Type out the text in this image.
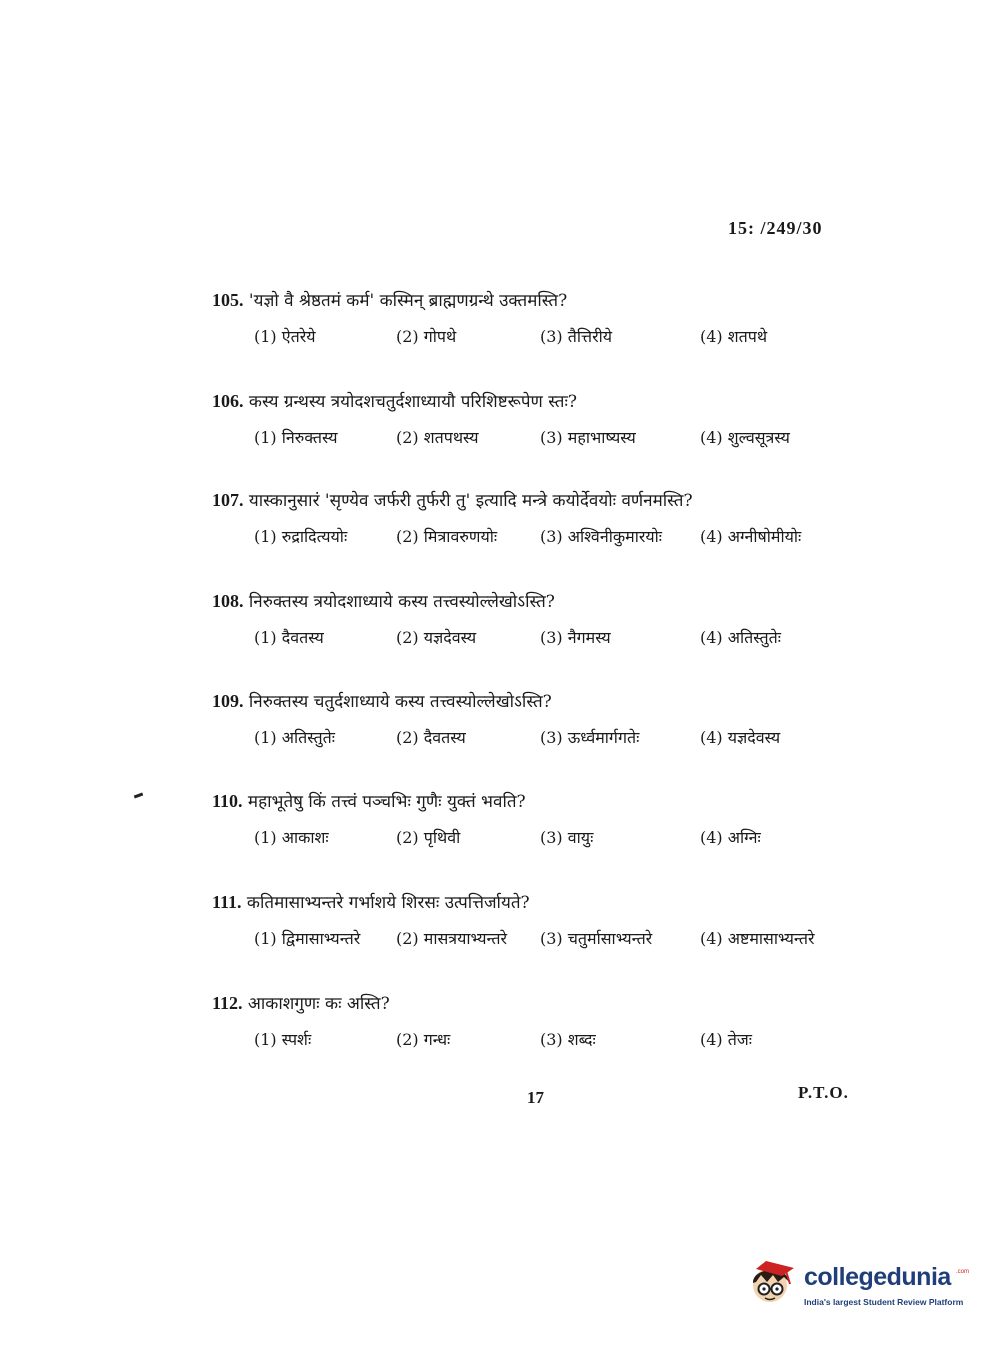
15: /249/30
105. 'यज्ञो वै श्रेष्ठतमं कर्म' कस्मिन् ब्राह्मणग्रन्थे उक्तमस्ति?
(1) ऐतरेये	(2) गोपथे	(3) तैत्तिरीये	(4) शतपथे
106. कस्य ग्रन्थस्य त्रयोदशचतुर्दशाध्यायौ परिशिष्टरूपेण स्तः?
(1) निरुक्तस्य	(2) शतपथस्य	(3) महाभाष्यस्य	(4) शुल्वसूत्रस्य
107. यास्कानुसारं 'सृण्येव जर्फरी तुर्फरी तु' इत्यादि मन्त्रे कयोर्देवयोः वर्णनमस्ति?
(1) रुद्रादित्ययोः	(2) मित्रावरुणयोः	(3) अश्विनीकुमारयोः (4) अग्नीषोमीयोः
108. निरुक्तस्य त्रयोदशाध्याये कस्य तत्त्वस्योल्लेखोऽस्ति?
(1) दैवतस्य	(2) यज्ञदेवस्य	(3) नैगमस्य	(4) अतिस्तुतेः
109. निरुक्तस्य चतुर्दशाध्याये कस्य तत्त्वस्योल्लेखोऽस्ति?
(1) अतिस्तुतेः	(2) दैवतस्य	(3) ऊर्ध्वमार्गगतेः	(4) यज्ञदेवस्य
110. महाभूतेषु किं तत्त्वं पञ्चभिः गुणैः युक्तं भवति?
(1) आकाशः	(2) पृथिवी	(3) वायुः	(4) अग्निः
111. कतिमासाभ्यन्तरे गर्भाशये शिरसः उत्पत्तिर्जायते?
(1) द्विमासाभ्यन्तरे (2) मासत्रयाभ्यन्तरे (3) चतुर्मासाभ्यन्तरे	(4) अष्टमासाभ्यन्तरे
112. आकाशगुणः कः अस्ति?
(1) स्पर्शः	(2) गन्धः	(3) शब्दः	(4) तेजः
17	P.T.O.
collegedunia .com
India's largest Student Review Platform
